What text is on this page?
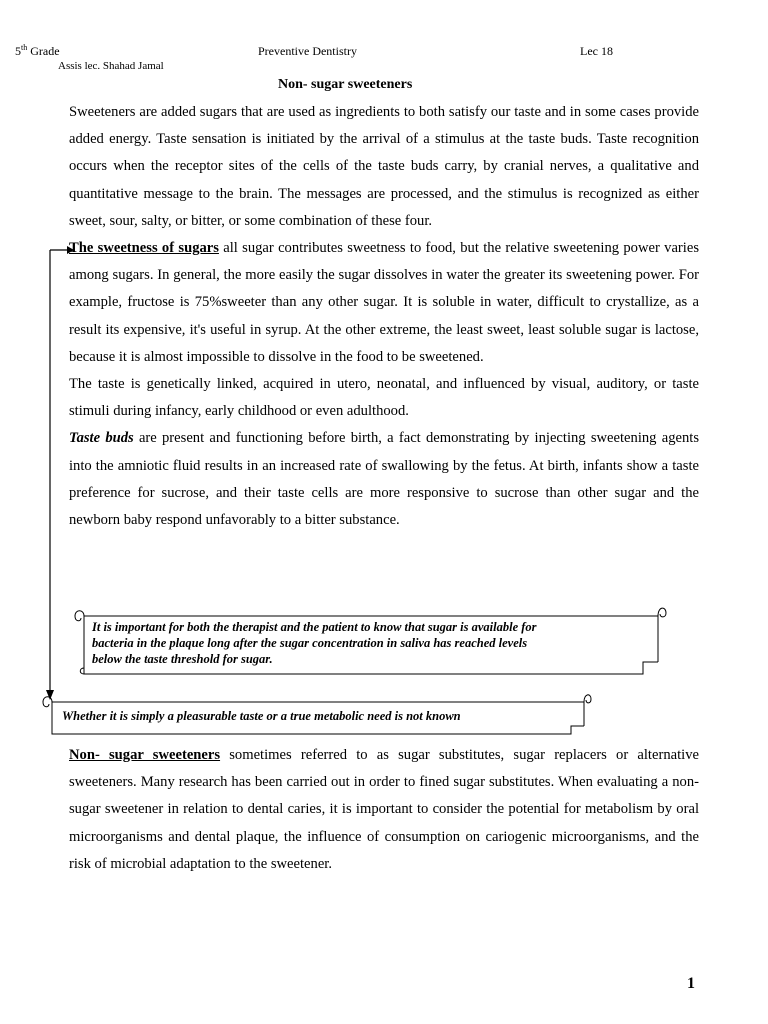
5th Grade	Preventive Dentistry	Lec 18
Assis lec. Shahad Jamal
Non- sugar sweeteners

Sweeteners are added sugars that are used as ingredients to both satisfy our taste and in some cases provide added energy. Taste sensation is initiated by the arrival of a stimulus at the taste buds. Taste recognition occurs when the receptor sites of the cells of the taste buds carry, by cranial nerves, a qualitative and quantitative message to the brain. The messages are processed, and the stimulus is recognized as either sweet, sour, salty, or bitter, or some combination of these four.

The sweetness of sugars all sugar contributes sweetness to food, but the relative sweetening power varies among sugars. In general, the more easily the sugar dissolves in water the greater its sweetening power. For example, fructose is 75%sweeter than any other sugar. It is soluble in water, difficult to crystallize, as a result its expensive, it's useful in syrup. At the other extreme, the least sweet, least soluble sugar is lactose, because it is almost impossible to dissolve in the food to be sweetened.

The taste is genetically linked, acquired in utero, neonatal, and influenced by visual, auditory, or taste stimuli during infancy, early childhood or even adulthood.

Taste buds are present and functioning before birth, a fact demonstrating by injecting sweetening agents into the amniotic fluid results in an increased rate of swallowing by the fetus. At birth, infants show a taste preference for sucrose, and their taste cells are more responsive to sucrose than other sugar and the newborn baby respond unfavorably to a bitter substance.

It is important for both the therapist and the patient to know that sugar is available for
bacteria in the plaque long after the sugar concentration in saliva has reached levels
below the taste threshold for sugar.
Whether it is simply a pleasurable taste or a true metabolic need is not known

Non- sugar sweeteners sometimes referred to as sugar substitutes, sugar replacers or alternative sweeteners. Many research has been carried out in order to fined sugar substitutes. When evaluating a non-sugar sweetener in relation to dental caries, it is important to consider the potential for metabolism by oral microorganisms and dental plaque, the influence of consumption on cariogenic microorganisms, and the risk of microbial adaptation to the sweetener.

1
